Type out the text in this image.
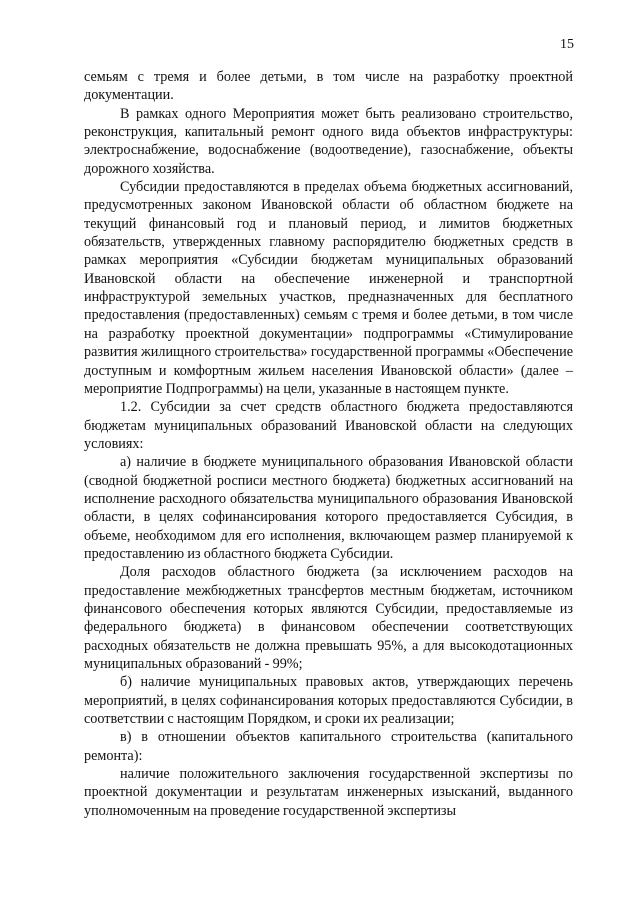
15

семьям с тремя и более детьми, в том числе на разработку проектной документации.

В рамках одного Мероприятия может быть реализовано строительство, реконструкция, капитальный ремонт одного вида объектов инфраструктуры: электроснабжение, водоснабжение (водоотведение), газоснабжение, объекты дорожного хозяйства.

Субсидии предоставляются в пределах объема бюджетных ассигнований, предусмотренных законом Ивановской области об областном бюджете на текущий финансовый год и плановый период, и лимитов бюджетных обязательств, утвержденных главному распорядителю бюджетных средств в рамках мероприятия «Субсидии бюджетам муниципальных образований Ивановской области на обеспечение инженерной и транспортной инфраструктурой земельных участков, предназначенных для бесплатного предоставления (предоставленных) семьям с тремя и более детьми, в том числе на разработку проектной документации» подпрограммы «Стимулирование развития жилищного строительства» государственной программы «Обеспечение доступным и комфортным жильем населения Ивановской области» (далее – мероприятие Подпрограммы) на цели, указанные в настоящем пункте.

1.2. Субсидии за счет средств областного бюджета предоставляются бюджетам муниципальных образований Ивановской области на следующих условиях:

а) наличие в бюджете муниципального образования Ивановской области (сводной бюджетной росписи местного бюджета) бюджетных ассигнований на исполнение расходного обязательства муниципального образования Ивановской области, в целях софинансирования которого предоставляется Субсидия, в объеме, необходимом для его исполнения, включающем размер планируемой к предоставлению из областного бюджета Субсидии.

Доля расходов областного бюджета (за исключением расходов на предоставление межбюджетных трансфертов местным бюджетам, источником финансового обеспечения которых являются Субсидии, предоставляемые из федерального бюджета) в финансовом обеспечении соответствующих расходных обязательств не должна превышать 95%, а для высокодотационных муниципальных образований - 99%;

б) наличие муниципальных правовых актов, утверждающих перечень мероприятий, в целях софинансирования которых предоставляются Субсидии, в соответствии с настоящим Порядком, и сроки их реализации;

в) в отношении объектов капитального строительства (капитального ремонта):

наличие положительного заключения государственной экспертизы по проектной документации и результатам инженерных изысканий, выданного уполномоченным на проведение государственной экспертизы
